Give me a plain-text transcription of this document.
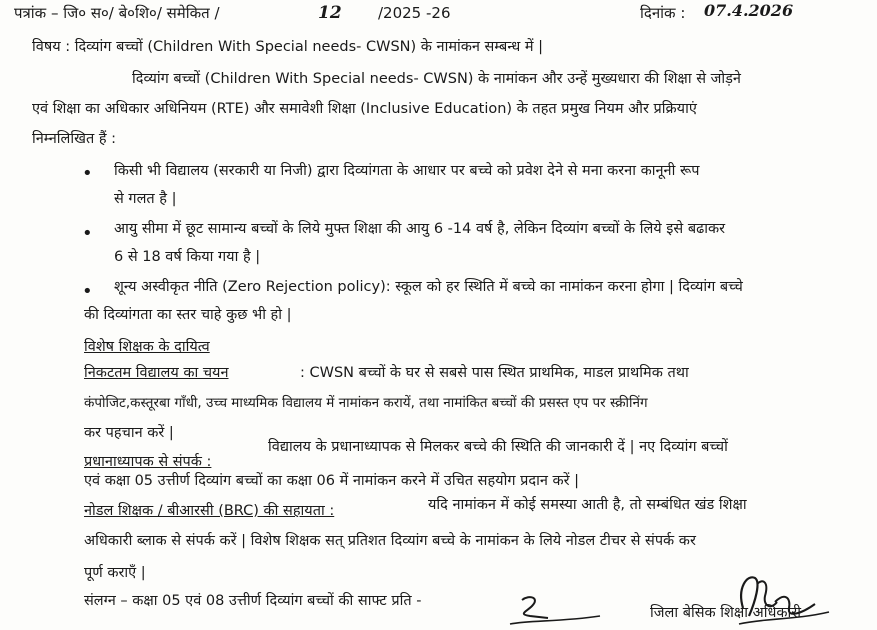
पत्रांक – जि० स०/ बे०शि०/ समेकित /	12 /2025 -26	दिनांक : 07.4.2026
विषय : दिव्यांग बच्चों (Children With Special needs- CWSN) के नामांकन सम्बन्ध में |
दिव्यांग बच्चों (Children With Special needs- CWSN) के नामांकन और उन्हें मुख्यधारा की शिक्षा से जोड़ने
एवं शिक्षा का अधिकार अधिनियम (RTE) और समावेशी शिक्षा (Inclusive Education) के तहत प्रमुख नियम और प्रक्रियाएं
निम्नलिखित हैं :
• किसी भी विद्यालय (सरकारी या निजी) द्वारा दिव्यांगता के आधार पर बच्चे को प्रवेश देने से मना करना कानूनी रूप
से गलत है |
• आयु सीमा में छूट सामान्य बच्चों के लिये मुफ्त शिक्षा की आयु 6 -14 वर्ष है, लेकिन दिव्यांग बच्चों के लिये इसे बढाकर
6 से 18 वर्ष किया गया है |
• शून्य अस्वीकृत नीति (Zero Rejection policy): स्कूल को हर स्थिति में बच्चे का नामांकन करना होगा | दिव्यांग बच्चे
की दिव्यांगता का स्तर चाहे कुछ भी हो |
विशेष शिक्षक के दायित्व
निकटतम विद्यालय का चयन	: CWSN बच्चों के घर से सबसे पास स्थित प्राथमिक, माडल प्राथमिक तथा
कंपोजिट,कस्तूरबा गाँधी, उच्च माध्यमिक विद्यालय में नामांकन करायें, तथा नामांकित बच्चों की प्रसस्त एप पर स्क्रीनिंग
कर पहचान करें |
प्रधानाध्यापक से संपर्क :
विद्यालय के प्रधानाध्यापक से मिलकर बच्चे की स्थिति की जानकारी दें | नए दिव्यांग बच्चों
एवं कक्षा 05 उत्तीर्ण दिव्यांग बच्चों का कक्षा 06 में नामांकन करने में उचित सहयोग प्रदान करें |
नोडल शिक्षक / बीआरसी (BRC) की सहायता :	यदि नामांकन में कोई समस्या आती है, तो सम्बंधित खंड शिक्षा
अधिकारी ब्लाक से संपर्क करें | विशेष शिक्षक सत् प्रतिशत दिव्यांग बच्चे के नामांकन के लिये नोडल टीचर से संपर्क कर
पूर्ण कराएँ |
संलग्न – कक्षा 05 एवं 08 उत्तीर्ण दिव्यांग बच्चों की साफ्ट प्रति -
जिला बेसिक शिक्षा अधिकारी
